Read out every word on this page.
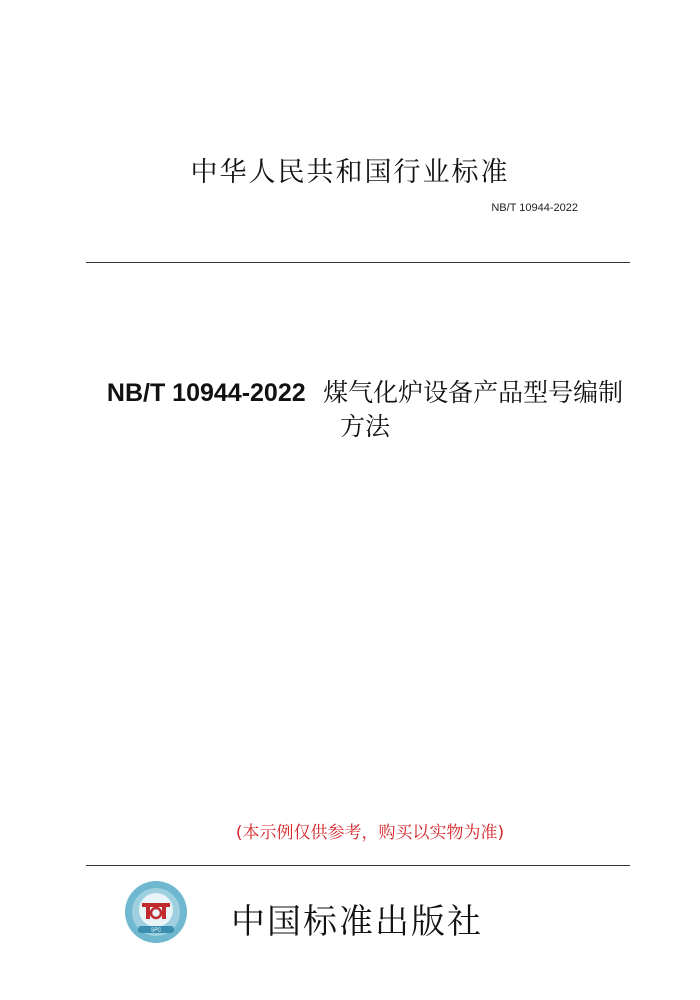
中华人民共和国行业标准
NB/T 10944-2022
NB/T 10944-2022 煤气化炉设备产品型号编制
方法
(本示例仅供参考，购买以实物为准)
SPC 中国标准出版社
